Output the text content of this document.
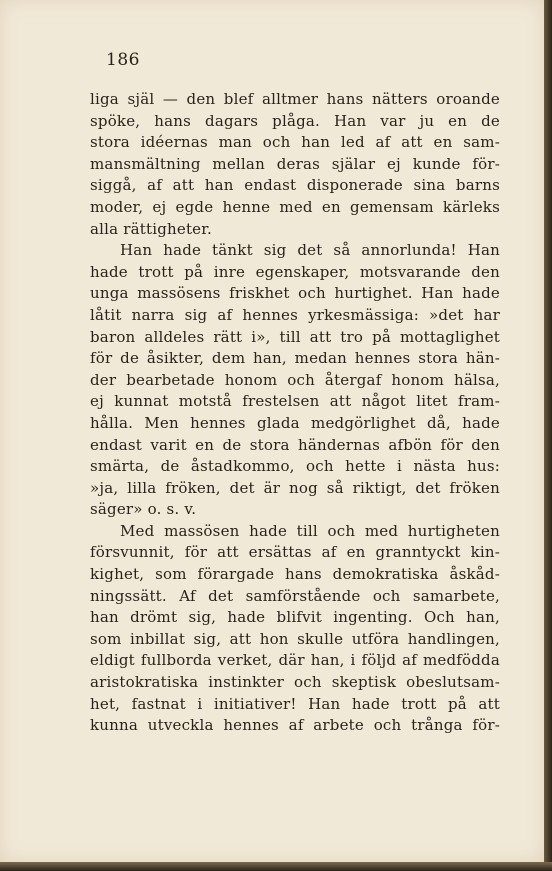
186
liga själ — den blef alltmer hans nätters oroande
spöke, hans dagars plåga. Han var ju en de
stora idéernas man och han led af att en sam-
mansmältning mellan deras själar ej kunde för-
siggå, af att han endast disponerade sina barns
moder, ej egde henne med en gemensam kärleks
alla rättigheter.
Han hade tänkt sig det så annorlunda! Han
hade trott på inre egenskaper, motsvarande den
unga massösens friskhet och hurtighet. Han hade
låtit narra sig af hennes yrkesmässiga: »det har
baron alldeles rätt i», till att tro på mottaglighet
för de åsikter, dem han, medan hennes stora hän-
der bearbetade honom och återgaf honom hälsa,
ej kunnat motstå frestelsen att något litet fram-
hålla. Men hennes glada medgörlighet då, hade
endast varit en de stora händernas afbön för den
smärta, de åstadkommo, och hette i nästa hus:
»ja, lilla fröken, det är nog så riktigt, det fröken
säger» o. s. v.
Med massösen hade till och med hurtigheten
försvunnit, för att ersättas af en granntyckt kin-
kighet, som förargade hans demokratiska åskåd-
ningssätt. Af det samförstående och samarbete,
han drömt sig, hade blifvit ingenting. Och han,
som inbillat sig, att hon skulle utföra handlingen,
eldigt fullborda verket, där han, i följd af medfödda
aristokratiska instinkter och skeptisk obeslutsam-
het, fastnat i initiativer! Han hade trott på att
kunna utveckla hennes af arbete och trånga för-
